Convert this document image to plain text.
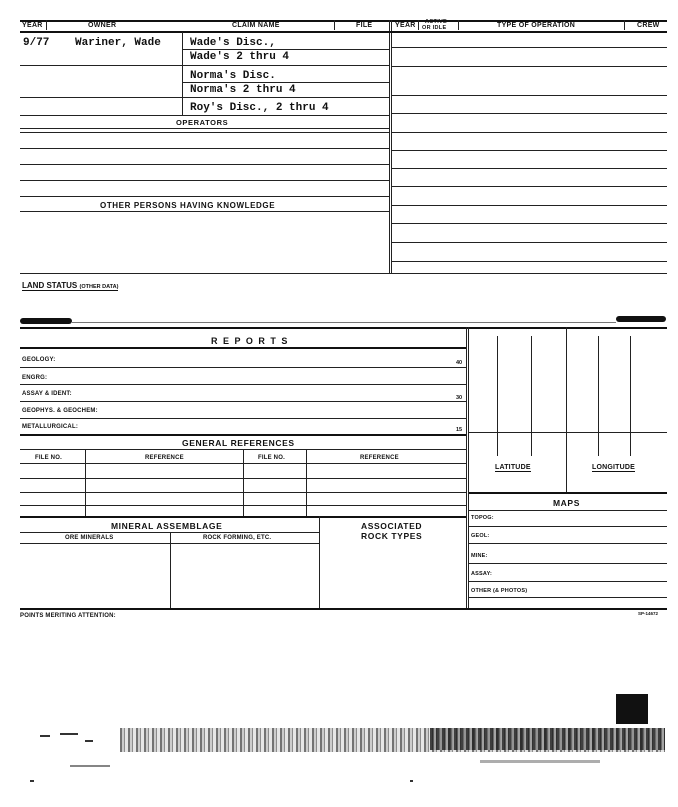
YEAR	OWNER	CLAIM NAME	FILE	YEAR ACTIVE
OR IDLE	TYPE OF OPERATION	CREW
9/77 Wariner, Wade	Wade's Disc.,
Wade's 2 thru 4
Norma's Disc.
Norma's 2 thru 4
Roy's Disc., 2 thru 4
OPERATORS
OTHER PERSONS HAVING KNOWLEDGE
LAND STATUS (OTHER DATA)
R E P O R T S
GEOLOGY:	40
ENGRG:
ASSAY & IDENT:
30
GEOPHYS. & GEOCHEM:
METALLURGICAL:	15
GENERAL REFERENCES
FILE NO.	REFERENCE	FILE NO.	REFERENCE
LATITUDE	LONGITUDE
MAPS
TOPOG:
GEOL:
MINE:
ASSAY:
OTHER (& PHOTOS)
MINERAL ASSEMBLAGE	ASSOCIATED
ROCK TYPES
ORE MINERALS	ROCK FORMING, ETC.
POINTS MERITING ATTENTION:	SP-14672
